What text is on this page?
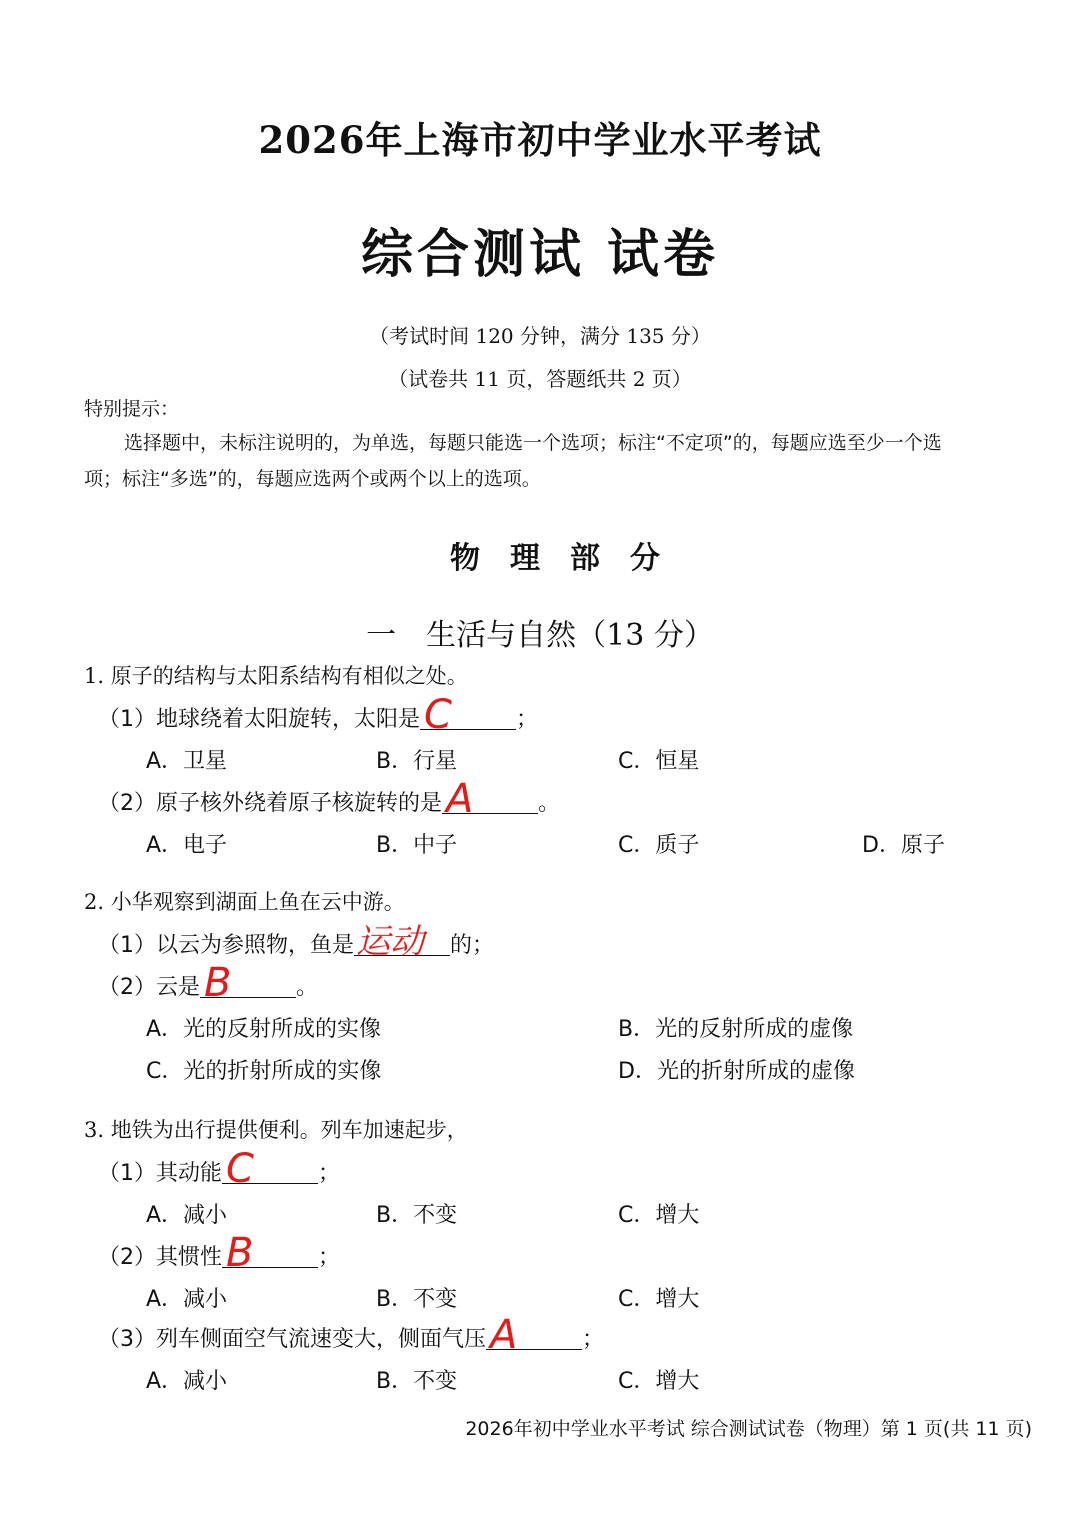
2026年上海市初中学业水平考试
综合测试 试卷
（考试时间 120 分钟，满分 135 分）
（试卷共 11 页，答题纸共 2 页）
特别提示：
选择题中，未标注说明的，为单选，每题只能选一个选项；标注“不定项”的，每题应选至少一个选
项；标注“多选”的，每题应选两个或两个以上的选项。
物理部分
一　生活与自然（13 分）
1. 原子的结构与太阳系结构有相似之处。
（1）地球绕着太阳旋转，太阳是 C	；
A．卫星	B．行星	C．恒星
（2）原子核外绕着原子核旋转的是 A	。
A．电子	B．中子	C．质子	D．原子
2. 小华观察到湖面上鱼在云中游。
（1）以云为参照物，鱼是 运动 的；
（2）云是 B	。
A．光的反射所成的实像	B．光的反射所成的虚像
C．光的折射所成的实像	D．光的折射所成的虚像
3. 地铁为出行提供便利。列车加速起步，
（1）其动能 C	；
A．减小	B．不变	C．增大
（2）其惯性 B	；
A．减小	B．不变	C．增大
（3）列车侧面空气流速变大，侧面气压 A	；
A．减小	B．不变	C．增大
2026年初中学业水平考试 综合测试试卷（物理）第 1 页(共 11 页)
